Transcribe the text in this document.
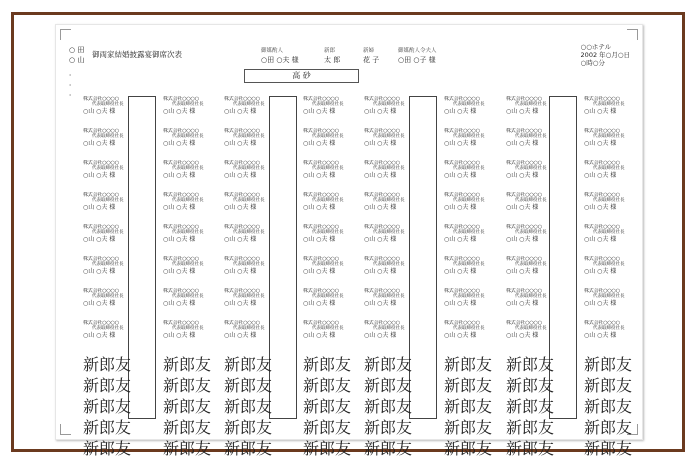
○ 田
○ 山
御両家結婚披露宴御席次表	御媒酌人
○田 ○夫 様
新郎
太 郎
新婦
花 子
御媒酌人令夫人
○田 ○子 様
○○ホテル
2002 年○月○日
○時○分
高 砂
°
°
° 株式会社○○○○
代表取締役社長
○山 ○夫 様
株式会社○○○○
代表取締役社長
○山 ○夫 様
株式会社○○○○
代表取締役社長
○山 ○夫 様
株式会社○○○○
代表取締役社長
○山 ○夫 様
株式会社○○○○
代表取締役社長
○山 ○夫 様
株式会社○○○○
代表取締役社長
○山 ○夫 様
株式会社○○○○
代表取締役社長
○山 ○夫 様
株式会社○○○○
代表取締役社長
○山 ○夫 様
新郎友
新郎友
新郎友
新郎友
新郎友
株式会社○○○○
代表取締役社長
○山 ○夫 様
株式会社○○○○
代表取締役社長
○山 ○夫 様
株式会社○○○○
代表取締役社長
○山 ○夫 様
株式会社○○○○
代表取締役社長
○山 ○夫 様
株式会社○○○○
代表取締役社長
○山 ○夫 様
株式会社○○○○
代表取締役社長
○山 ○夫 様
株式会社○○○○
代表取締役社長
○山 ○夫 様
株式会社○○○○
代表取締役社長
○山 ○夫 様
新郎友
新郎友
新郎友
新郎友
新郎友
株式会社○○○○
代表取締役社長
○山 ○夫 様
株式会社○○○○
代表取締役社長
○山 ○夫 様
株式会社○○○○
代表取締役社長
○山 ○夫 様
株式会社○○○○
代表取締役社長
○山 ○夫 様
株式会社○○○○
代表取締役社長
○山 ○夫 様
株式会社○○○○
代表取締役社長
○山 ○夫 様
株式会社○○○○
代表取締役社長
○山 ○夫 様
株式会社○○○○
代表取締役社長
○山 ○夫 様
新郎友
新郎友
新郎友
新郎友
新郎友
株式会社○○○○
代表取締役社長
○山 ○夫 様
株式会社○○○○
代表取締役社長
○山 ○夫 様
株式会社○○○○
代表取締役社長
○山 ○夫 様
株式会社○○○○
代表取締役社長
○山 ○夫 様
株式会社○○○○
代表取締役社長
○山 ○夫 様
株式会社○○○○
代表取締役社長
○山 ○夫 様
株式会社○○○○
代表取締役社長
○山 ○夫 様
株式会社○○○○
代表取締役社長
○山 ○夫 様
新郎友
新郎友
新郎友
新郎友
新郎友
株式会社○○○○
代表取締役社長
○山 ○夫 様
株式会社○○○○
代表取締役社長
○山 ○夫 様
株式会社○○○○
代表取締役社長
○山 ○夫 様
株式会社○○○○
代表取締役社長
○山 ○夫 様
株式会社○○○○
代表取締役社長
○山 ○夫 様
株式会社○○○○
代表取締役社長
○山 ○夫 様
株式会社○○○○
代表取締役社長
○山 ○夫 様
株式会社○○○○
代表取締役社長
○山 ○夫 様
新郎友
新郎友
新郎友
新郎友
新郎友
株式会社○○○○
代表取締役社長
○山 ○夫 様
株式会社○○○○
代表取締役社長
○山 ○夫 様
株式会社○○○○
代表取締役社長
○山 ○夫 様
株式会社○○○○
代表取締役社長
○山 ○夫 様
株式会社○○○○
代表取締役社長
○山 ○夫 様
株式会社○○○○
代表取締役社長
○山 ○夫 様
株式会社○○○○
代表取締役社長
○山 ○夫 様
株式会社○○○○
代表取締役社長
○山 ○夫 様
新郎友
新郎友
新郎友
新郎友
新郎友
株式会社○○○○
代表取締役社長
○山 ○夫 様
株式会社○○○○
代表取締役社長
○山 ○夫 様
株式会社○○○○
代表取締役社長
○山 ○夫 様
株式会社○○○○
代表取締役社長
○山 ○夫 様
株式会社○○○○
代表取締役社長
○山 ○夫 様
株式会社○○○○
代表取締役社長
○山 ○夫 様
株式会社○○○○
代表取締役社長
○山 ○夫 様
株式会社○○○○
代表取締役社長
○山 ○夫 様
新郎友
新郎友
新郎友
新郎友
新郎友
株式会社○○○○
代表取締役社長
○山 ○夫 様
株式会社○○○○
代表取締役社長
○山 ○夫 様
株式会社○○○○
代表取締役社長
○山 ○夫 様
株式会社○○○○
代表取締役社長
○山 ○夫 様
株式会社○○○○
代表取締役社長
○山 ○夫 様
株式会社○○○○
代表取締役社長
○山 ○夫 様
株式会社○○○○
代表取締役社長
○山 ○夫 様
株式会社○○○○
代表取締役社長
○山 ○夫 様
新郎友
新郎友
新郎友
新郎友
新郎友
